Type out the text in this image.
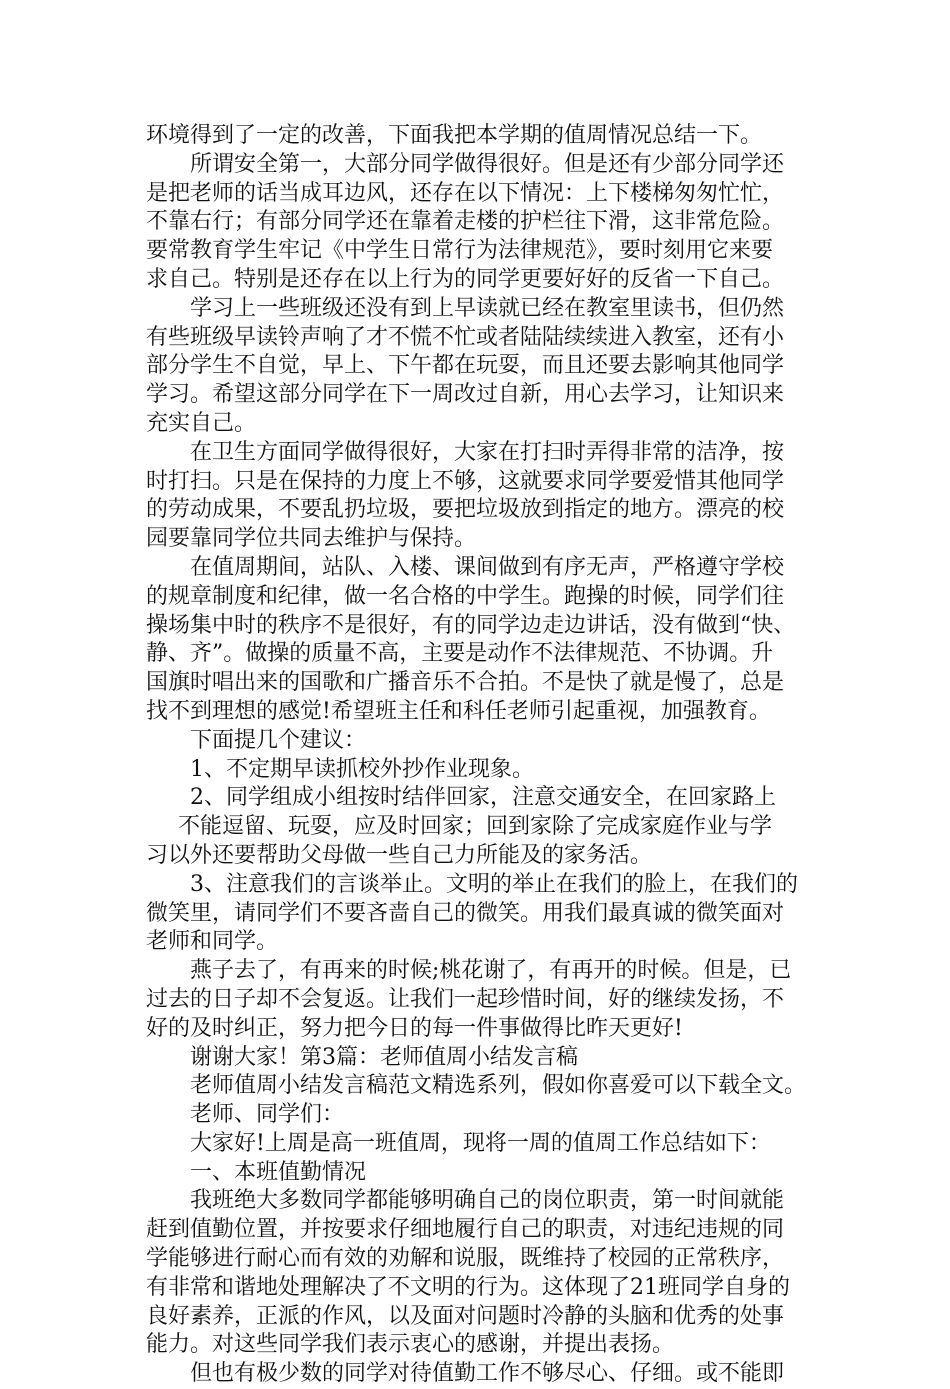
环境得到了一定的改善，下面我把本学期的值周情况总结一下。
所谓安全第一，大部分同学做得很好。但是还有少部分同学还
是把老师的话当成耳边风，还存在以下情况：上下楼梯匆匆忙忙，
不靠右行；有部分同学还在靠着走楼的护栏往下滑，这非常危险。
要常教育学生牢记《中学生日常行为法律规范》，要时刻用它来要
求自己。特别是还存在以上行为的同学更要好好的反省一下自己。
学习上一些班级还没有到上早读就已经在教室里读书，但仍然
有些班级早读铃声响了才不慌不忙或者陆陆续续进入教室，还有小
部分学生不自觉，早上、下午都在玩耍，而且还要去影响其他同学
学习。希望这部分同学在下一周改过自新，用心去学习，让知识来
充实自己。
在卫生方面同学做得很好，大家在打扫时弄得非常的洁净，按
时打扫。只是在保持的力度上不够，这就要求同学要爱惜其他同学
的劳动成果，不要乱扔垃圾，要把垃圾放到指定的地方。漂亮的校
园要靠同学位共同去维护与保持。
在值周期间，站队、入楼、课间做到有序无声，严格遵守学校
的规章制度和纪律，做一名合格的中学生。跑操的时候，同学们往
操场集中时的秩序不是很好，有的同学边走边讲话，没有做到“快、
静、齐”。做操的质量不高，主要是动作不法律规范、不协调。升
国旗时唱出来的国歌和广播音乐不合拍。不是快了就是慢了，总是
找不到理想的感觉!希望班主任和科任老师引起重视，加强教育。
下面提几个建议：
1、不定期早读抓校外抄作业现象。
2、同学组成小组按时结伴回家，注意交通安全，在回家路上
不能逗留、玩耍，应及时回家；回到家除了完成家庭作业与学
习以外还要帮助父母做一些自己力所能及的家务活。
3、注意我们的言谈举止。文明的举止在我们的脸上，在我们的
微笑里，请同学们不要吝啬自己的微笑。用我们最真诚的微笑面对
老师和同学。
燕子去了，有再来的时候;桃花谢了，有再开的时候。但是，已
过去的日子却不会复返。让我们一起珍惜时间，好的继续发扬，不
好的及时纠正，努力把今日的每一件事做得比昨天更好!
谢谢大家！第3篇：老师值周小结发言稿
老师值周小结发言稿范文精选系列，假如你喜爱可以下载全文。
老师、同学们：
大家好!上周是高一班值周，现将一周的值周工作总结如下：
一、本班值勤情况
我班绝大多数同学都能够明确自己的岗位职责，第一时间就能
赶到值勤位置，并按要求仔细地履行自己的职责，对违纪违规的同
学能够进行耐心而有效的劝解和说服，既维持了校园的正常秩序，
有非常和谐地处理解决了不文明的行为。这体现了21班同学自身的
良好素养，正派的作风，以及面对问题时冷静的头脑和优秀的处事
能力。对这些同学我们表示衷心的感谢，并提出表扬。
但也有极少数的同学对待值勤工作不够尽心、仔细。或不能即
